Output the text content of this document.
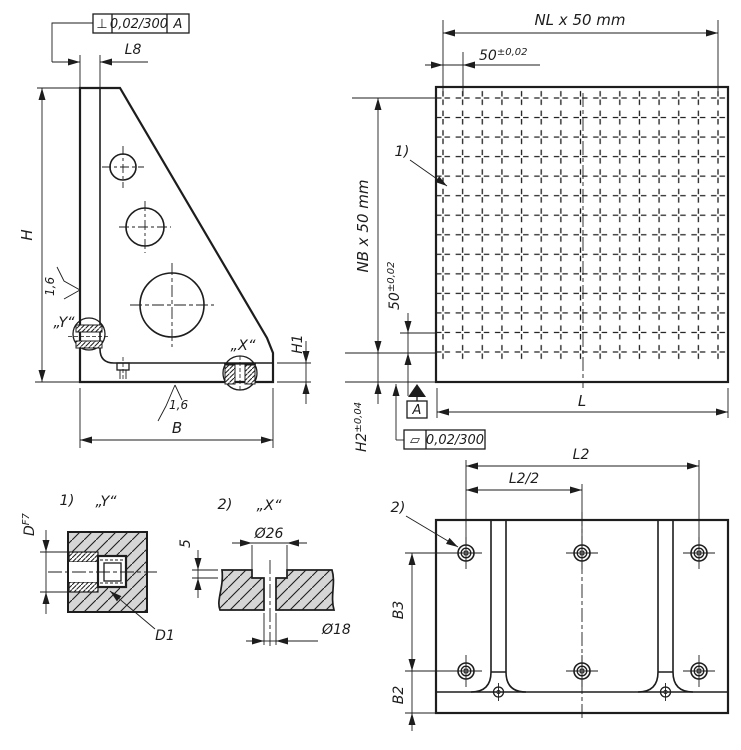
„Y“
„X“
H
L8
⊥ 0,02/300 A
H1
B
1,6
1,6
1)
NL x 50 mm
$50^{\pm 0,02}$
NB x 50 mm
$50^{\pm 0,02}$
$H2^{\pm 0,04}$	A
▱ 0,02/300
L
L2
L2/2
2)
B3
B2
1) „Y“
$D^{F7}$
D1
2) „X“
Ø26
5
Ø18
